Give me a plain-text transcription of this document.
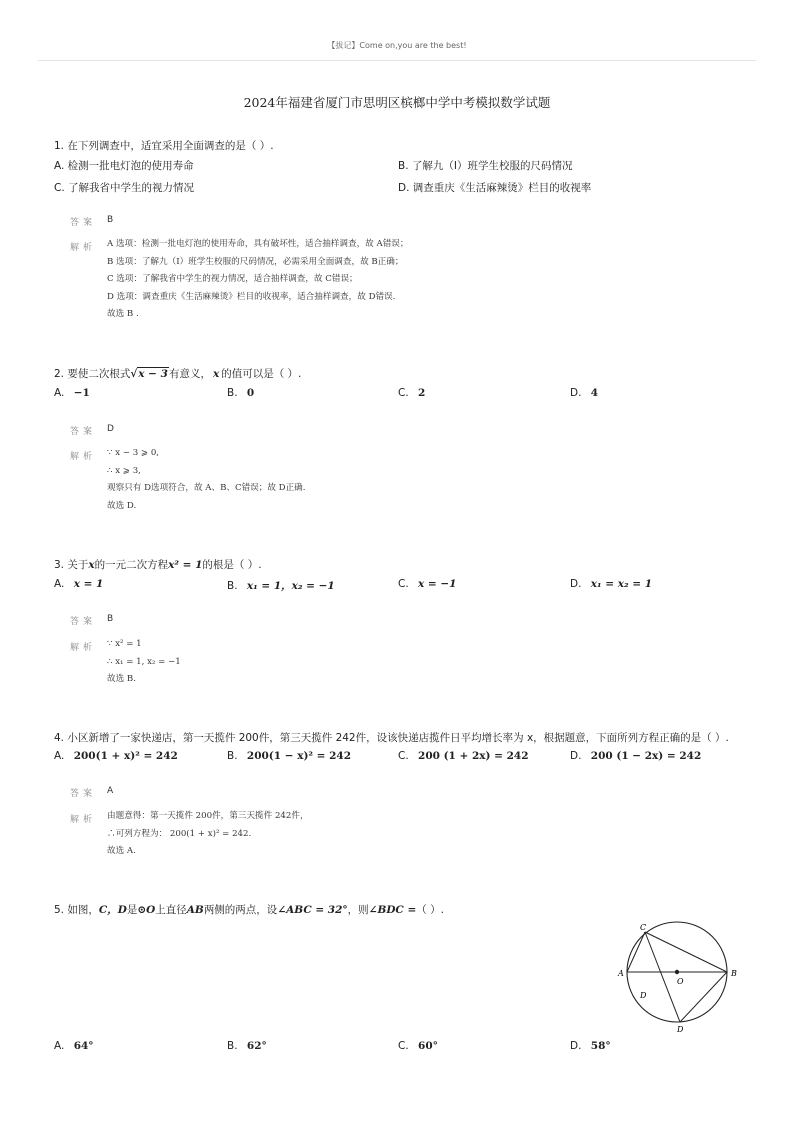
【拔记】Come on,you are the best!
2024年福建省厦门市思明区槟榔中学中考模拟数学试题
1. 在下列调查中，适宜采用全面调查的是（ ）.
A. 检测一批电灯泡的使用寿命	B. 了解九（I）班学生校服的尺码情况
C. 了解我省中学生的视力情况	D. 调查重庆《生活麻辣烫》栏目的收视率
答案 B
解析 A 选项：检测一批电灯泡的使用寿命，具有破坏性，适合抽样调查，故 A错误；
B 选项：了解九（I）班学生校服的尺码情况，必需采用全面调查，故 B正确；
C 选项：了解我省中学生的视力情况，适合抽样调查，故 C错误；
D 选项：调查重庆《生活麻辣烫》栏目的收视率，适合抽样调查，故 D错误.
故选 B .
2. 要使二次根式√x − 3有意义， x 的值可以是（ ）.
A. −1	B. 0	C. 2	D. 4
答案 D
解析 ∵ x − 3 ⩾ 0,
∴ x ⩾ 3,
观察只有 D选项符合，故 A、B、C错误；故 D正确.
故选 D.
3. 关于x的一元二次方程x² = 1的根是（ ）.
A. x = 1	B. x₁ = 1，x₂ = −1	C. x = −1	D. x₁ = x₂ = 1
答案 B
解析 ∵ x² = 1
∴ x₁ = 1, x₂ = −1
故选 B.
4. 小区新增了一家快递店，第一天揽件 200件，第三天揽件 242件，设该快递店揽件日平均增长率为 x，根据题意，下面所列方程正确的是（ ）.
A. 200(1 + x)² = 242	B. 200(1 − x)² = 242	C. 200 (1 + 2x) = 242	D. 200 (1 − 2x) = 242
答案 A
解析 由题意得：第一天揽件 200件，第三天揽件 242件，
∴可列方程为： 200(1 + x)² = 242.
故选 A.
5. 如图，C，D是⊙O上直径AB两侧的两点，设∠ABC = 32°，则∠BDC =（ ）.
A	B
C
D
O
D
A. 64°	B. 62°	C. 60°	D. 58°
